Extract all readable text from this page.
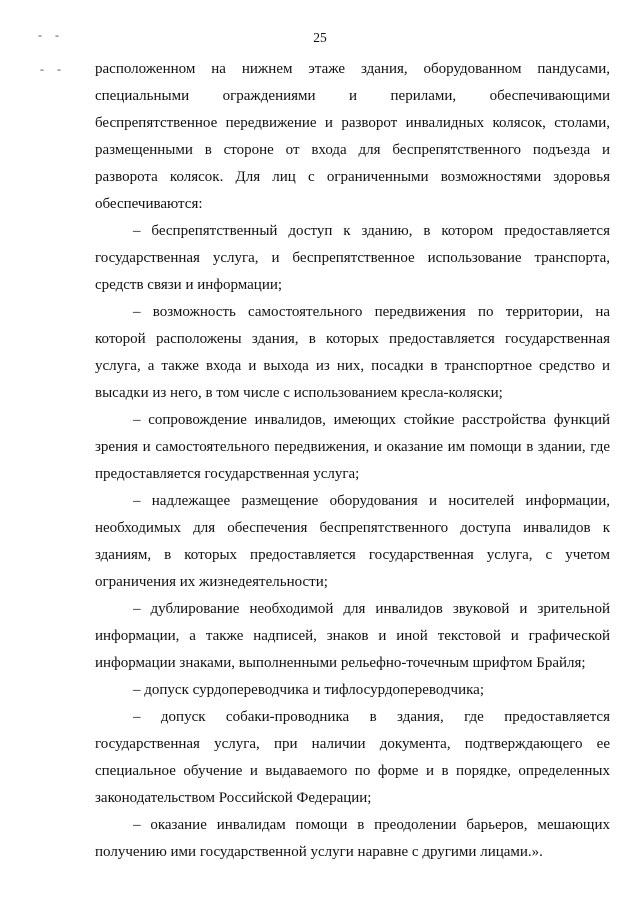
- -
- -
25

расположенном на нижнем этаже здания, оборудованном пандусами, специальными ограждениями и перилами, обеспечивающими беспрепятственное передвижение и разворот инвалидных колясок, столами, размещенными в стороне от входа для беспрепятственного подъезда и разворота колясок. Для лиц с ограниченными возможностями здоровья обеспечиваются:

– беспрепятственный доступ к зданию, в котором предоставляется государственная услуга, и беспрепятственное использование транспорта, средств связи и информации;

– возможность самостоятельного передвижения по территории, на которой расположены здания, в которых предоставляется государственная услуга, а также входа и выхода из них, посадки в транспортное средство и высадки из него, в том числе с использованием кресла-коляски;

– сопровождение инвалидов, имеющих стойкие расстройства функций зрения и самостоятельного передвижения, и оказание им помощи в здании, где предоставляется государственная услуга;

– надлежащее размещение оборудования и носителей информации, необходимых для обеспечения беспрепятственного доступа инвалидов к зданиям, в которых предоставляется государственная услуга, с учетом ограничения их жизнедеятельности;

– дублирование необходимой для инвалидов звуковой и зрительной информации, а также надписей, знаков и иной текстовой и графической информации знаками, выполненными рельефно-точечным шрифтом Брайля;

– допуск сурдопереводчика и тифлосурдопереводчика;

– допуск собаки-проводника в здания, где предоставляется государственная услуга, при наличии документа, подтверждающего ее специальное обучение и выдаваемого по форме и в порядке, определенных законодательством Российской Федерации;

– оказание инвалидам помощи в преодолении барьеров, мешающих получению ими государственной услуги наравне с другими лицами.».
